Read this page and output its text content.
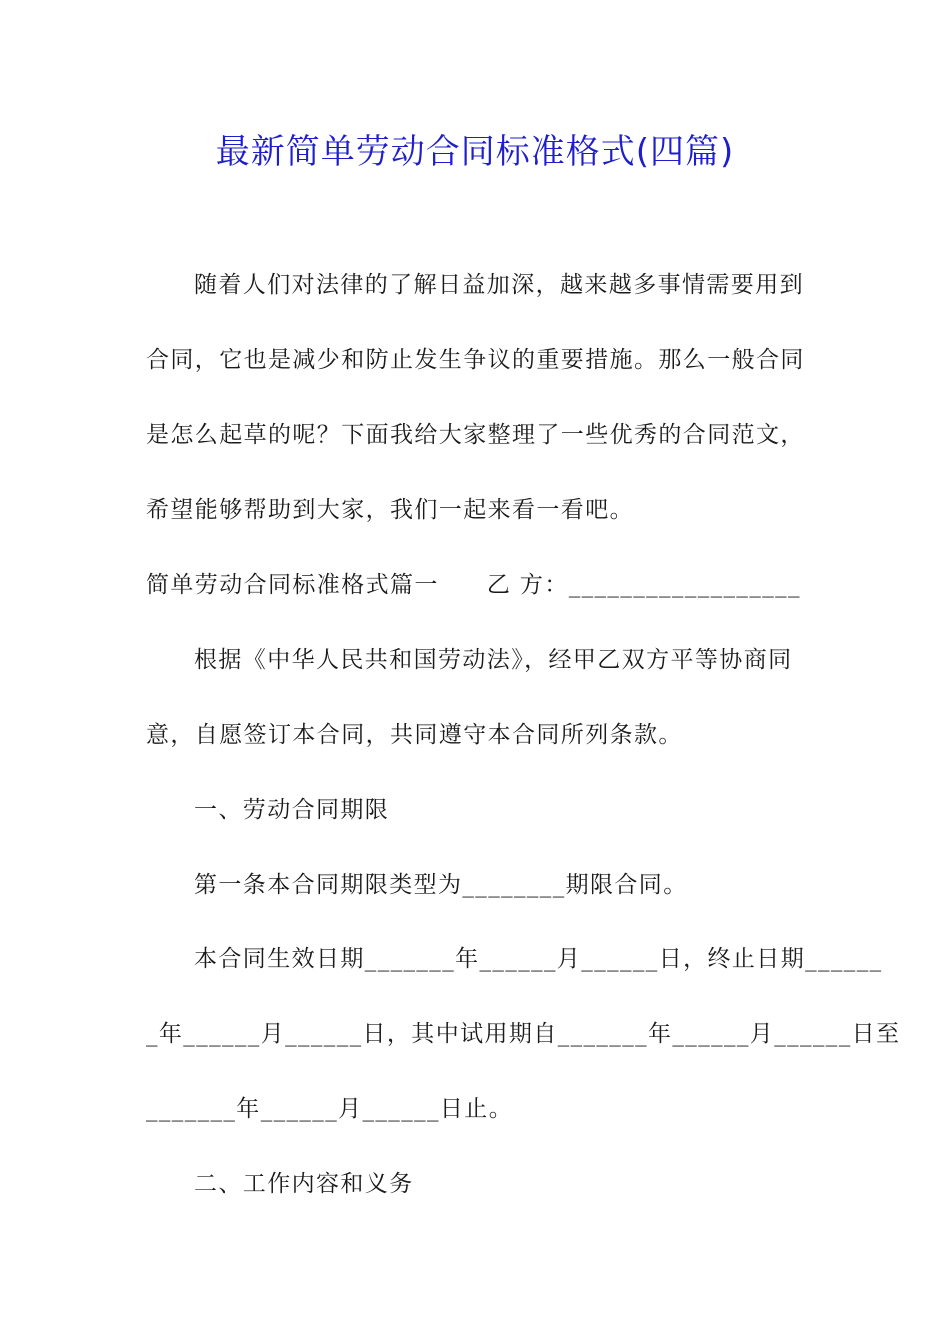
最新简单劳动合同标准格式(四篇)
随着人们对法律的了解日益加深，越来越多事情需要用到
合同，它也是减少和防止发生争议的重要措施。那么一般合同
是怎么起草的呢？下面我给大家整理了一些优秀的合同范文，
希望能够帮助到大家，我们一起来看一看吧。
简单劳动合同标准格式篇一 乙 方：__________________
根据《中华人民共和国劳动法》，经甲乙双方平等协商同
意，自愿签订本合同，共同遵守本合同所列条款。
一、劳动合同期限
第一条本合同期限类型为________期限合同。
本合同生效日期_______年______月______日，终止日期______
_年______月______日，其中试用期自_______年______月______日至
_______年______月______日止。
二、工作内容和义务
